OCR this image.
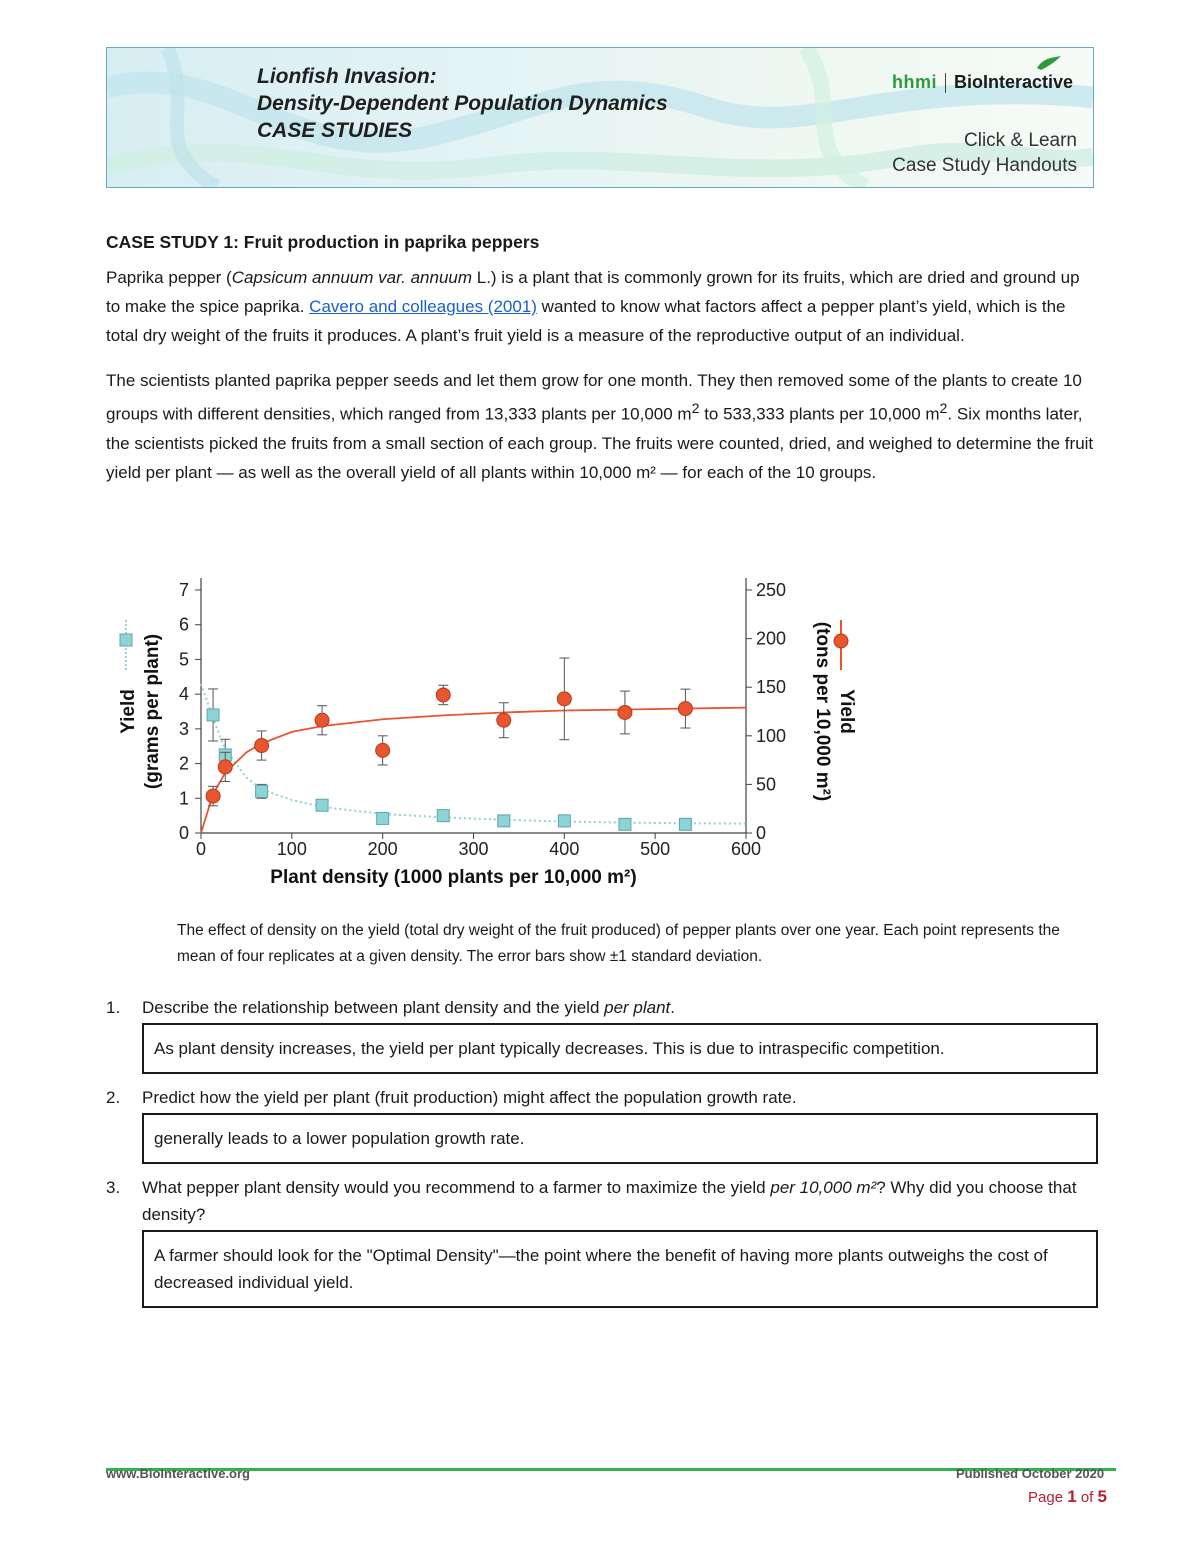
Lionfish Invasion:
Density-Dependent Population Dynamics
CASE STUDIES
hhmi BioInteractive
Click & Learn
Case Study Handouts
CASE STUDY 1: Fruit production in paprika peppers

Paprika pepper (Capsicum annuum var. annuum L.) is a plant that is commonly grown for its fruits, which are dried and ground up to make the spice paprika. Cavero and colleagues (2001) wanted to know what factors affect a pepper plant’s yield, which is the total dry weight of the fruits it produces. A plant’s fruit yield is a measure of the reproductive output of an individual.

The scientists planted paprika pepper seeds and let them grow for one month. They then removed some of the plants to create 10 groups with different densities, which ranged from 13,333 plants per 10,000 $m^2$ to 533,333 plants per 10,000 $m^2$. Six months later, the scientists picked the fruits from a small section of each group. The fruits were counted, dried, and weighed to determine the fruit yield per plant — as well as the overall yield of all plants within 10,000 m² — for each of the 10 groups.

0	100	200	300	400	500	600
Plant density (1000 plants per 10,000 m²)
0
1
2
3
4
5
6
7
0
50
100
150
200
250
Yield (grams per plant)	Yield
(tons per 10,000 m²)
The effect of density on the yield (total dry weight of the fruit produced) of pepper plants over one year. Each point represents the mean of four replicates at a given density. The error bars show ±1 standard deviation.
1.	Describe the relationship between plant density and the yield per plant.
As plant density increases, the yield per plant typically decreases. This is due to intraspecific competition.
2.	Predict how the yield per plant (fruit production) might affect the population growth rate.
generally leads to a lower population growth rate.
3.	What pepper plant density would you recommend to a farmer to maximize the yield per 10,000 m²? Why did you choose that density?
A farmer should look for the "Optimal Density"—the point where the benefit of having more plants outweighs the cost of decreased individual yield.
www.BioInteractive.org	Published October 2020
Page 1 of 5
